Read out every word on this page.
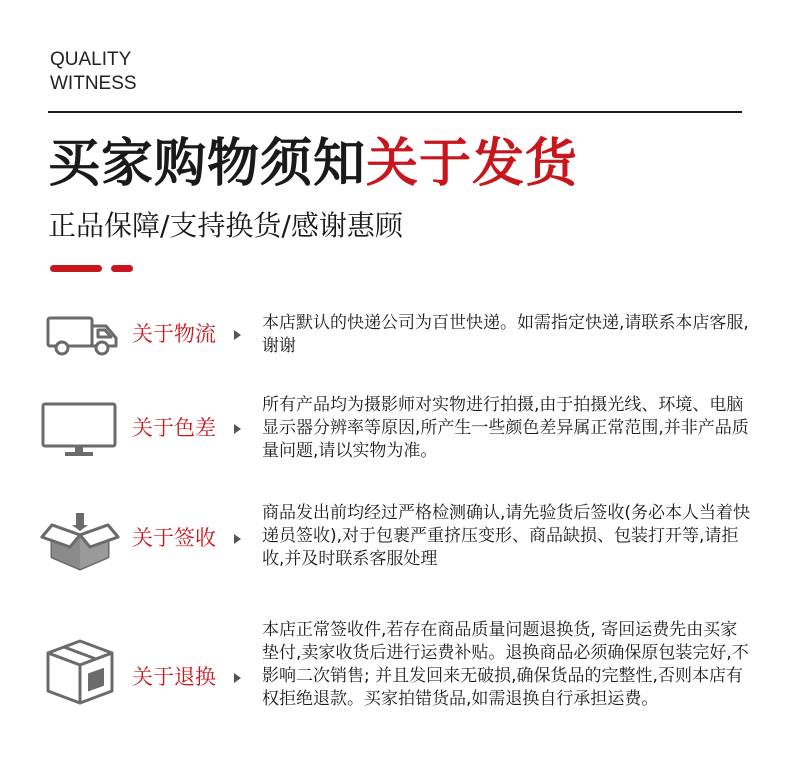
QUALITY
WITNESS
买家购物须知关于发货
正品保障/支持换货/感谢惠顾
关于物流	本店默认的快递公司为百世快递。如需指定快递,请联系本店客服,谢谢
关于色差
所有产品均为摄影师对实物进行拍摄,由于拍摄光线、环境、电脑显示器分辨率等原因,所产生一些颜色差异属正常范围,并非产品质量问题,请以实物为准。
关于签收
商品发出前均经过严格检测确认,请先验货后签收(务必本人当着快递员签收),对于包裹严重挤压变形、商品缺损、包装打开等,请拒收,并及时联系客服处理
关于退换
本店正常签收件,若存在商品质量问题退换货, 寄回运费先由买家垫付,卖家收货后进行运费补贴。退换商品必须确保原包装完好,不影响二次销售; 并且发回来无破损,确保货品的完整性,否则本店有权拒绝退款。买家拍错货品,如需退换自行承担运费。
